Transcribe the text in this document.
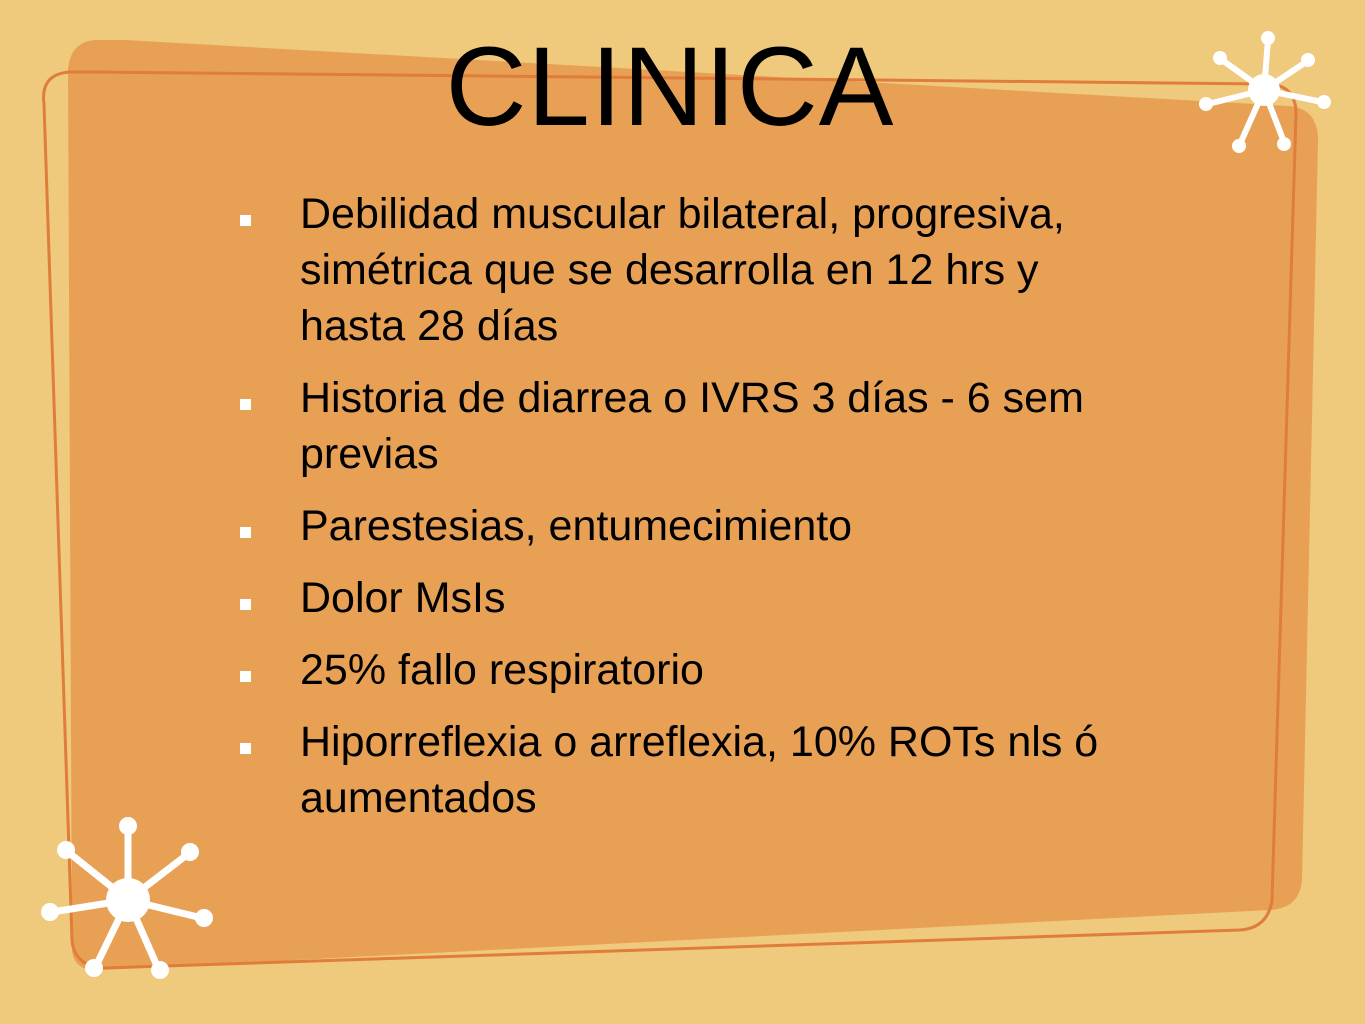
CLINICA
Debilidad muscular bilateral, progresiva, simétrica que se desarrolla en 12 hrs y hasta 28 días
Historia de diarrea o IVRS 3 días - 6 sem previas
Parestesias, entumecimiento
Dolor MsIs
25% fallo respiratorio
Hiporreflexia o arreflexia, 10% ROTs nls ó aumentados
